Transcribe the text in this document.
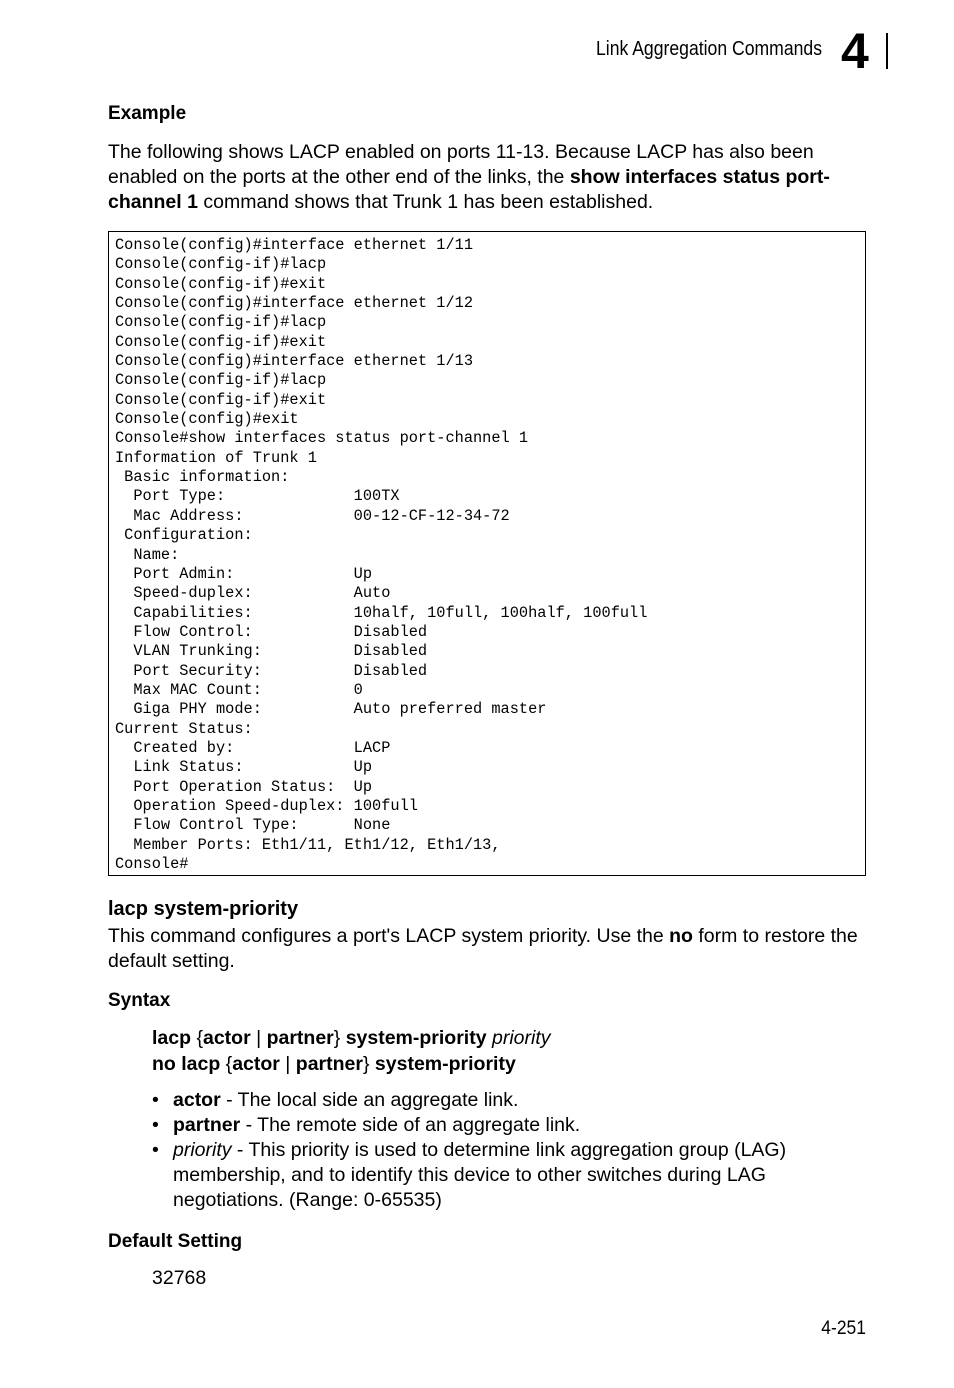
Link Aggregation Commands 4
Example
The following shows LACP enabled on ports 11-13. Because LACP has also been enabled on the ports at the other end of the links, the show interfaces status port-channel 1 command shows that Trunk 1 has been established.
Console(config)#interface ethernet 1/11
Console(config-if)#lacp
Console(config-if)#exit
Console(config)#interface ethernet 1/12
Console(config-if)#lacp
Console(config-if)#exit
Console(config)#interface ethernet 1/13
Console(config-if)#lacp
Console(config-if)#exit
Console(config)#exit
Console#show interfaces status port-channel 1
Information of Trunk 1
Basic information:
Port Type:              100TX
Mac Address:            00-12-CF-12-34-72
Configuration:
Name:
Port Admin:             Up
Speed-duplex:           Auto
Capabilities:           10half, 10full, 100half, 100full
Flow Control:           Disabled
VLAN Trunking:          Disabled
Port Security:          Disabled
Max MAC Count:          0
Giga PHY mode:          Auto preferred master
Current Status:
Created by:             LACP
Link Status:            Up
Port Operation Status:  Up
Operation Speed-duplex: 100full
Flow Control Type:      None
Member Ports: Eth1/11, Eth1/12, Eth1/13,
Console#
lacp system-priority
This command configures a port's LACP system priority. Use the no form to restore the default setting.
Syntax
lacp {actor | partner} system-priority priority
no lacp {actor | partner} system-priority
• actor - The local side an aggregate link.
• partner - The remote side of an aggregate link.
• priority - This priority is used to determine link aggregation group (LAG) membership, and to identify this device to other switches during LAG negotiations. (Range: 0-65535)
Default Setting
32768
4-251
